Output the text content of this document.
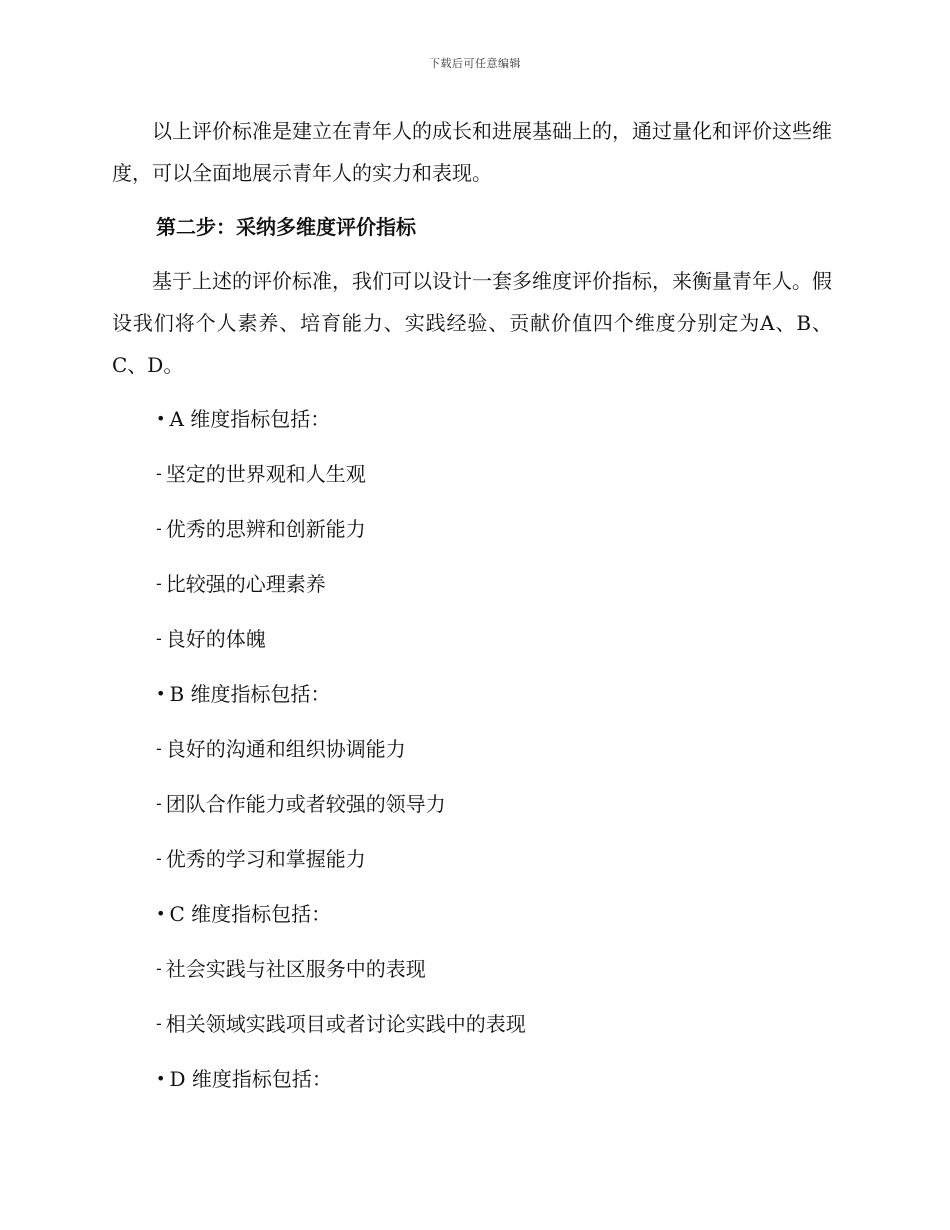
下载后可任意编辑

以上评价标准是建立在青年人的成长和进展基础上的，通过量化和评价这些维度，可以全面地展示青年人的实力和表现。

第二步：采纳多维度评价指标

基于上述的评价标准，我们可以设计一套多维度评价指标，来衡量青年人。假设我们将个人素养、培育能力、实践经验、贡献价值四个维度分别定为A、B、C、D。

• A 维度指标包括：
- 坚定的世界观和人生观
- 优秀的思辨和创新能力
- 比较强的心理素养
- 良好的体魄
• B 维度指标包括：
- 良好的沟通和组织协调能力
- 团队合作能力或者较强的领导力
- 优秀的学习和掌握能力
• C 维度指标包括：
- 社会实践与社区服务中的表现
- 相关领域实践项目或者讨论实践中的表现
• D 维度指标包括：
